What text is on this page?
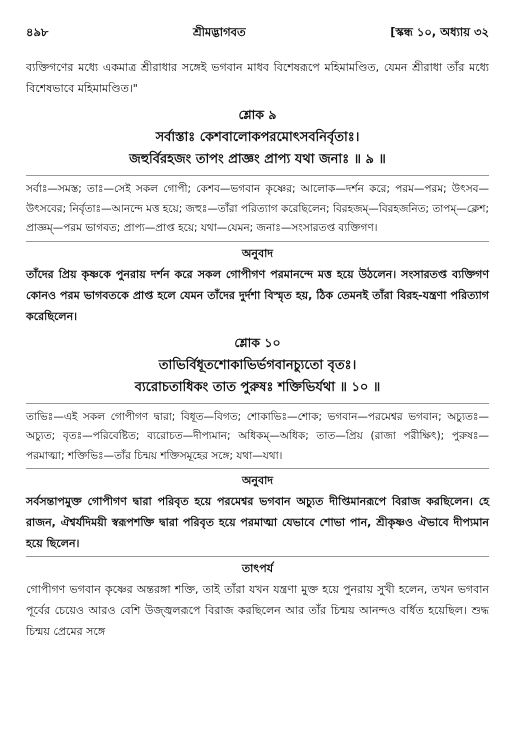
৪৯৮	শ্রীমদ্ভাগবত	[স্কন্ধ ১০, অধ্যায় ৩২

ব্যক্তিগণের মধ্যে একমাত্র শ্রীরাধার সঙ্গেই ভগবান মাধব বিশেষরূপে মহিমামণ্ডিত, যেমন শ্রীরাধা তাঁর মধ্যে বিশেষভাবে মহিমামণ্ডিত।"

শ্লোক ৯

সর্বাস্তাঃ কেশবালোকপরমোৎসবনির্বৃতাঃ।

জহুর্বিরহজং তাপং প্রাজ্ঞং প্রাপ্য যথা জনাঃ ॥ ৯ ॥

সর্বাঃ—সমস্ত; তাঃ—সেই সকল গোপী; কেশব—ভগবান কৃষ্ণের; আলোক—দর্শন করে; পরম—পরম; উৎসব—উৎসবের; নির্বৃতাঃ—আনন্দে মত্ত হয়ে; জহুঃ—তাঁরা পরিত্যাগ করেছিলেন; বিরহজম্—বিরহজনিত; তাপম্—ক্লেশ; প্রাজ্ঞম্—পরম ভাগবত; প্রাপ্য—প্রাপ্ত হয়ে; যথা—যেমন; জনাঃ—সংসারতপ্ত ব্যক্তিগণ।

অনুবাদ

তাঁদের প্রিয় কৃষ্ণকে পুনরায় দর্শন করে সকল গোপীগণ পরমানন্দে মত্ত হয়ে উঠলেন। সংসারতপ্ত ব্যক্তিগণ কোনও পরম ভাগবতকে প্রাপ্ত হলে যেমন তাঁদের দুর্দশা বিস্মৃত হয়, ঠিক তেমনই তাঁরা বিরহ-যন্ত্রণা পরিত্যাগ করেছিলেন।

শ্লোক ১০

তাভির্বিধূতশোকাভির্ভগবানচ্যুতো বৃতঃ।

ব্যরোচতাধিকং তাত পুরুষঃ শক্তিভির্যথা ॥ ১০ ॥

তাভিঃ—এই সকল গোপীগণ দ্বারা; বিধূত—বিগত; শোকাভিঃ—শোক; ভগবান—পরমেশ্বর ভগবান; অচ্যুতঃ—অচ্যুত; বৃতঃ—পরিবেষ্টিত; ব্যরোচত—দীপ্যমান; অধিকম্—অধিক; তাত—প্রিয় (রাজা পরীক্ষিৎ); পুরুষঃ—পরমাত্মা; শক্তিভিঃ—তাঁর চিন্ময় শক্তিসমূহের সঙ্গে; যথা—যথা।

অনুবাদ

সর্বসন্তাপমুক্ত গোপীগণ দ্বারা পরিবৃত হয়ে পরমেশ্বর ভগবান অচ্যুত দীপ্তিমানরূপে বিরাজ করছিলেন। হে রাজন, ঐশ্বর্যদিময়ী স্বরূপশক্তি দ্বারা পরিবৃত হয়ে পরমাত্মা যেভাবে শোভা পান, শ্রীকৃষ্ণও ঐভাবে দীপ্যমান হয়ে ছিলেন।

তাৎপর্য

গোপীগণ ভগবান কৃষ্ণের অন্তরঙ্গা শক্তি, তাই তাঁরা যখন যন্ত্রণা মুক্ত হয়ে পুনরায় সুখী হলেন, তখন ভগবান পূর্বের চেয়েও আরও বেশি উজ্জ্বলরূপে বিরাজ করছিলেন আর তাঁর চিন্ময় আনন্দও বর্ধিত হয়েছিল। শুদ্ধ চিন্ময় প্রেমের সঙ্গে
